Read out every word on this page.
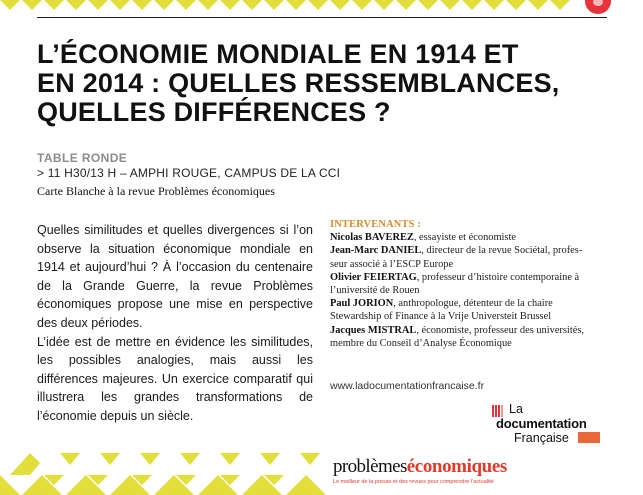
L’ÉCONOMIE MONDIALE EN 1914 ET
EN 2014 : QUELLES RESSEMBLANCES,
QUELLES DIFFÉRENCES ?
TABLE RONDE
> 11 H30/13 H – AMPHI ROUGE, CAMPUS DE LA CCI
Carte Blanche à la revue Problèmes économiques

Quelles similitudes et quelles divergences si l’on observe la situation économique mondiale en 1914 et aujourd’hui ? À l’occasion du centenaire de la Grande Guerre, la revue Problèmes économiques propose une mise en perspective des deux périodes.

L’idée est de mettre en évidence les similitudes, les possibles analogies, mais aussi les différences majeures. Un exercice comparatif qui illustrera les grandes transformations de l’économie depuis un siècle.

INTERVENANTS :
Nicolas BAVEREZ, essayiste et économiste
Jean-Marc DANIEL, directeur de la revue Sociétal, profes-
seur associé à l’ESCP Europe
Olivier FEIERTAG, professeur d’histoire contemporaine à
l’université de Rouen
Paul JORION, anthropologue, détenteur de la chaire
Stewardship of Finance à la Vrije Universteit Brussel
Jacques MISTRAL, économiste, professeur des universités,
membre du Conseil d’Analyse Économique
www.ladocumentationfrancaise.fr
La
documentation
Française
problèmeséconomiques
Le meilleur de la presse et des revues pour comprendre l’actualité
